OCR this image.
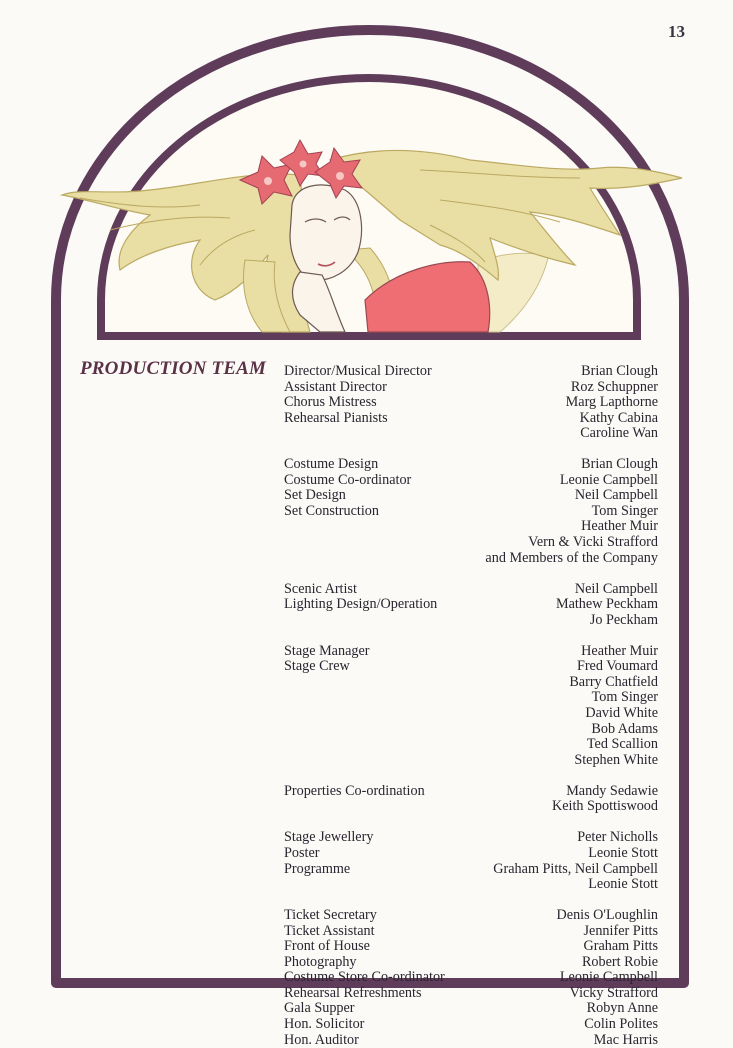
13
PRODUCTION TEAM Director/Musical Director	Brian Clough
Assistant Director	Roz Schuppner
Chorus Mistress	Marg Lapthorne
Rehearsal Pianists	Kathy Cabina
Caroline Wan
Costume Design	Brian Clough
Costume Co-ordinator	Leonie Campbell
Set Design	Neil Campbell
Set Construction	Tom Singer
Heather Muir
Vern & Vicki Strafford
and Members of the Company
Scenic Artist	Neil Campbell
Lighting Design/Operation	Mathew Peckham
Jo Peckham
Stage Manager	Heather Muir
Stage Crew	Fred Voumard
Barry Chatfield
Tom Singer
David White
Bob Adams
Ted Scallion
Stephen White
Properties Co-ordination	Mandy Sedawie
Keith Spottiswood
Stage Jewellery	Peter Nicholls
Poster	Leonie Stott
Programme	Graham Pitts, Neil Campbell
Leonie Stott
Ticket Secretary	Denis O'Loughlin
Ticket Assistant	Jennifer Pitts
Front of House	Graham Pitts
Photography	Robert Robie
Costume Store Co-ordinator	Leonie Campbell
Rehearsal Refreshments	Vicky Strafford
Gala Supper	Robyn Anne
Hon. Solicitor	Colin Polites
Hon. Auditor	Mac Harris
